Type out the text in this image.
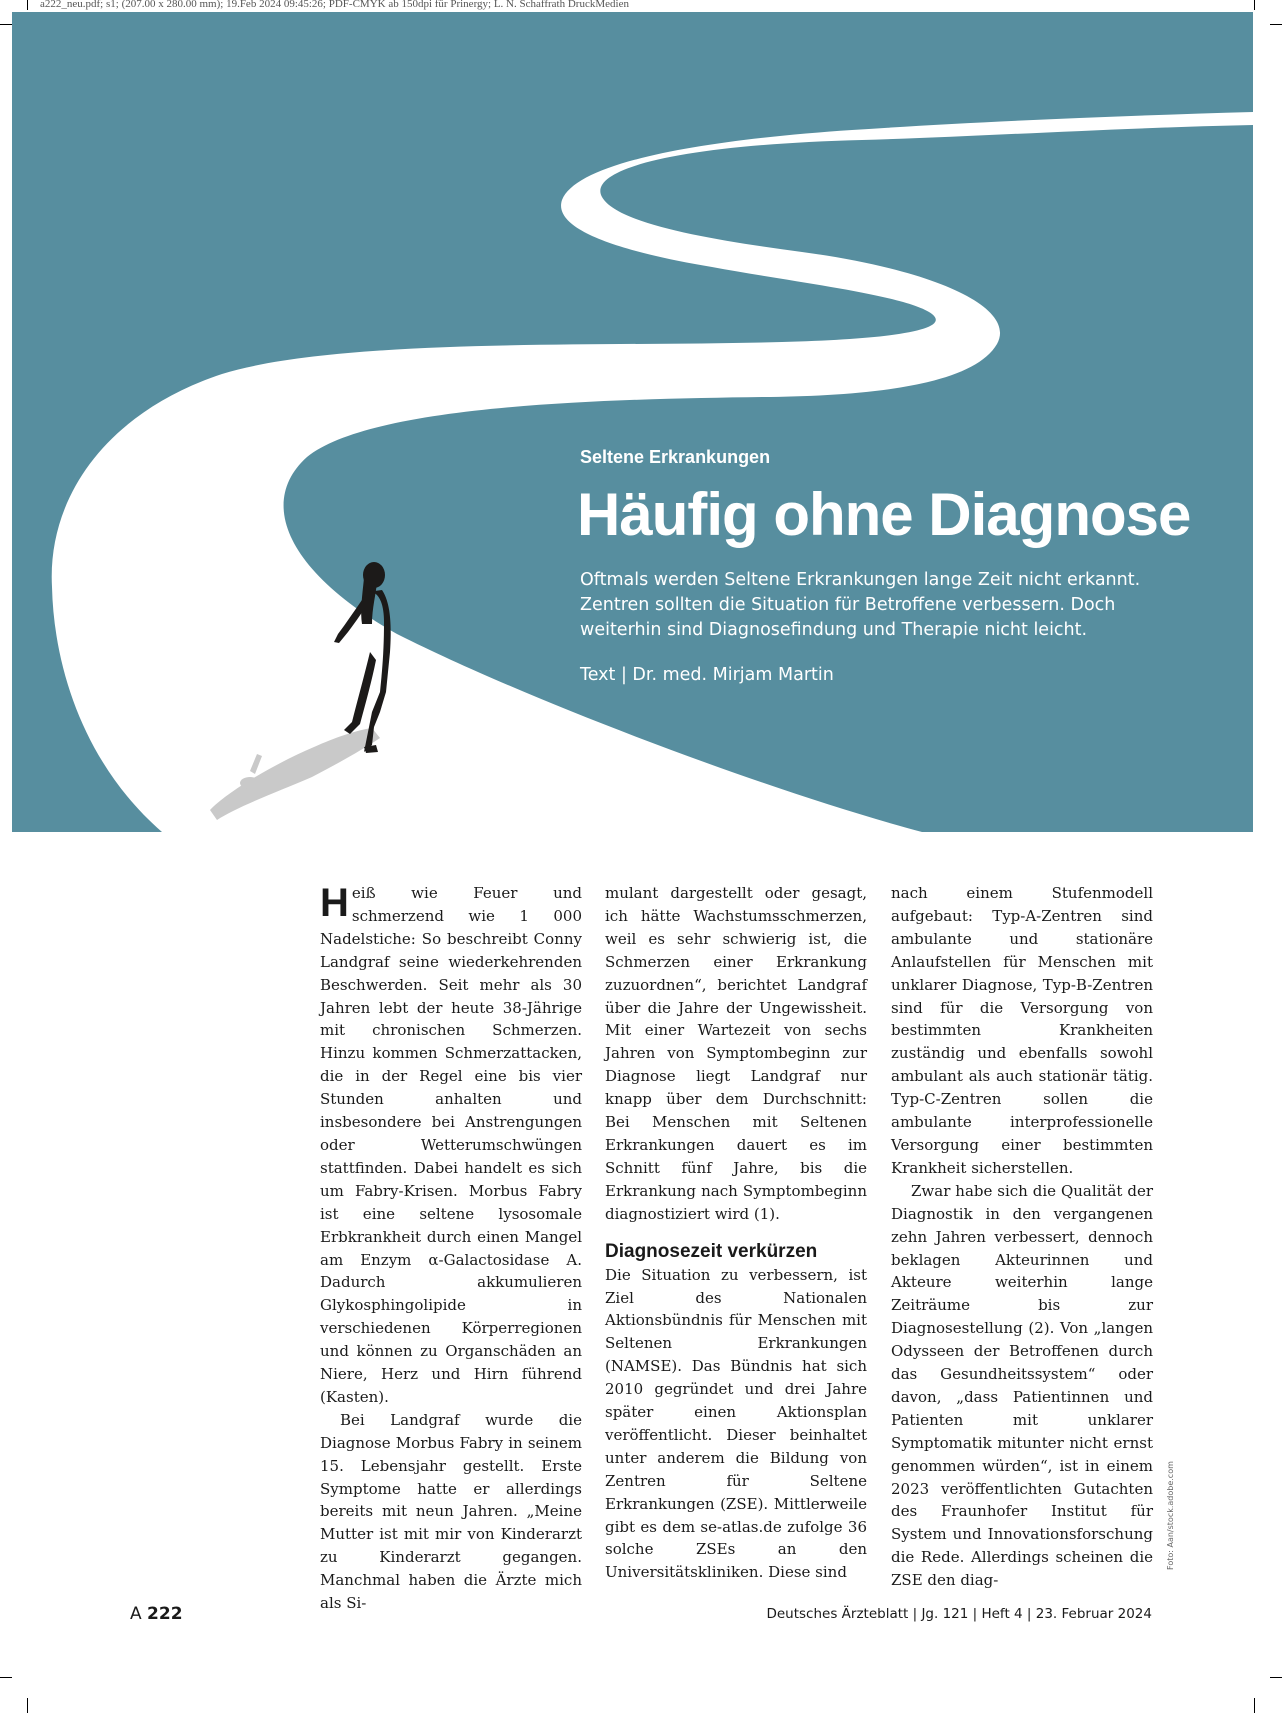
a222_neu.pdf; s1; (207.00 x 280.00 mm); 19.Feb 2024 09:45:26; PDF-CMYK ab 150dpi für Prinergy; L. N. Schaffrath DruckMedien
Seltene Erkrankungen
Häufig ohne Diagnose
Oftmals werden Seltene Erkrankungen lange Zeit nicht erkannt. Zentren sollten die Situation für Betroffene verbessern. Doch weiterhin sind Diagnosefindung und Therapie nicht leicht.
Text | Dr. med. Mirjam Martin

Heiß wie Feuer und schmerzend wie 1 000 Nadelstiche: So beschreibt Conny Landgraf seine wiederkehrenden Beschwerden. Seit mehr als 30 Jahren lebt der heute 38-Jährige mit chronischen Schmerzen. Hinzu kommen Schmerzattacken, die in der Regel eine bis vier Stunden anhalten und insbesondere bei Anstrengungen oder Wetterumschwüngen stattfinden. Dabei handelt es sich um Fabry-Krisen. Morbus Fabry ist eine seltene lysosomale Erbkrankheit durch einen Mangel am Enzym α-Galactosidase A. Dadurch akkumulieren Glykosphingolipide in verschiedenen Körperregionen und können zu Organschäden an Niere, Herz und Hirn führend (Kasten).

Bei Landgraf wurde die Diagnose Morbus Fabry in seinem 15. Lebensjahr gestellt. Erste Symptome hatte er allerdings bereits mit neun Jahren. „Meine Mutter ist mit mir von Kinderarzt zu Kinderarzt gegangen. Manchmal haben die Ärzte mich als Si-

mulant dargestellt oder gesagt, ich hätte Wachstumsschmerzen, weil es sehr schwierig ist, die Schmerzen einer Erkrankung zuzuordnen“, berichtet Landgraf über die Jahre der Ungewissheit. Mit einer Wartezeit von sechs Jahren von Symptombeginn zur Diagnose liegt Landgraf nur knapp über dem Durchschnitt: Bei Menschen mit Seltenen Erkrankungen dauert es im Schnitt fünf Jahre, bis die Erkrankung nach Symptombeginn diagnostiziert wird (1).

Diagnosezeit verkürzen

Die Situation zu verbessern, ist Ziel des Nationalen Aktionsbündnis für Menschen mit Seltenen Erkrankungen (NAMSE). Das Bündnis hat sich 2010 gegründet und drei Jahre später einen Aktionsplan veröffentlicht. Dieser beinhaltet unter anderem die Bildung von Zentren für Seltene Erkrankungen (ZSE). Mittlerweile gibt es dem se-atlas.de zufolge 36 solche ZSEs an den Universitätskliniken. Diese sind

nach einem Stufenmodell aufgebaut: Typ-A-Zentren sind ambulante und stationäre Anlaufstellen für Menschen mit unklarer Diagnose, Typ-B-Zentren sind für die Versorgung von bestimmten Krankheiten zuständig und ebenfalls sowohl ambulant als auch stationär tätig. Typ-C-Zentren sollen die ambulante interprofessionelle Versorgung einer bestimmten Krankheit sicherstellen.

Zwar habe sich die Qualität der Diagnostik in den vergangenen zehn Jahren verbessert, dennoch beklagen Akteurinnen und Akteure weiterhin lange Zeiträume bis zur Diagnosestellung (2). Von „langen Odysseen der Betroffenen durch das Gesundheitssystem“ oder davon, „dass Patientinnen und Patienten mit unklarer Symptomatik mitunter nicht ernst genommen würden“, ist in einem 2023 veröffentlichten Gutachten des Fraunhofer Institut für System und Innovationsforschung die Rede. Allerdings scheinen die ZSE den diag-

Foto: Aan/stock.adobe.com
A 222	Deutsches Ärzteblatt | Jg. 121 | Heft 4 | 23. Februar 2024
